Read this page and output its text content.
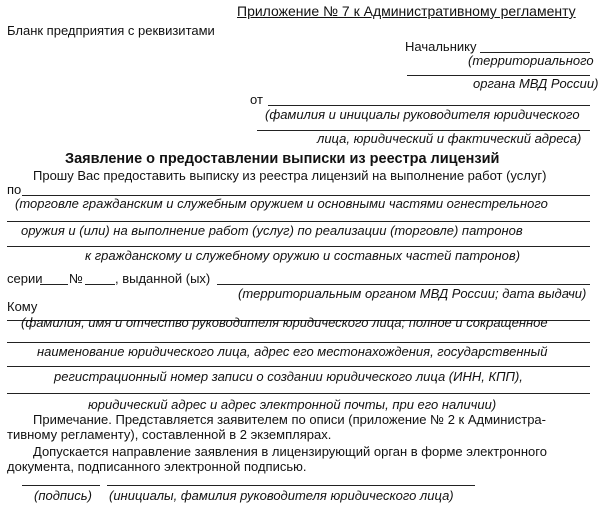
Приложение № 7 к Административному регламенту
Бланк предприятия с реквизитами
Начальнику
(территориального
органа МВД России)
от
(фамилия и инициалы руководителя юридического
лица, юридический и фактический адреса)
Заявление о предоставлении выписки из реестра лицензий
Прошу Вас предоставить выписку из реестра лицензий на выполнение работ (услуг)
по
(торговле гражданским и служебным оружием и основными частями огнестрельного
оружия и (или) на выполнение работ (услуг) по реализации (торговле) патронов
к гражданскому и служебному оружию и составных частей патронов)
серии № , выданной (ых)
(территориальным органом МВД России; дата выдачи)
Кому
(фамилия, имя и отчество руководителя юридического лица; полное и сокращенное
наименование юридического лица, адрес его местонахождения, государственный
регистрационный номер записи о создании юридического лица (ИНН, КПП),
юридический адрес и адрес электронной почты, при его наличии)
Примечание. Представляется заявителем по описи (приложение № 2 к Администра-
тивному регламенту), составленной в 2 экземплярах.
Допускается направление заявления в лицензирующий орган в форме электронного
документа, подписанного электронной подписью.
(подпись) (инициалы, фамилия руководителя юридического лица)
